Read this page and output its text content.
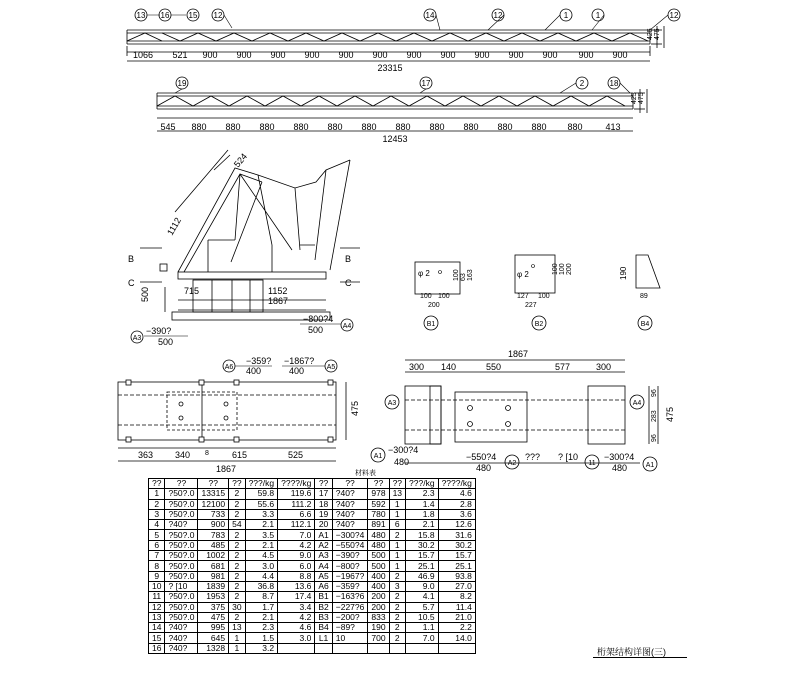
13 16 15 12	14	12	1	1	12
1066 521 900 900 900 900 900 900 900 900 900 900 900 900 900
23315
425 475
19	17	2	18
545 880 880 880 880 880 880 880 880 880 880 880 880	413
12453
425 475
524
1112
B	B
C	C
715	1152
1867
500
A3
−390?
500
A4
−800?4
500
φ 2	100 63 163
100 100
200
B1
φ 2	100 100 200
127 100
227
B2
190
89
B4
A6
−359?
400	A5
−1867?
400
363 340 8	615	525
1867
475
1867
300 140	550	577	300
A3	A4
A1
−300?4
480	A2
−550?4
480
??? ? [10
11
−300?4
480	A1
96
283
96
475
材料表
??	??	??	??	???/kg	????/kg	??	??	??	??	???/kg	????/kg
1	?50?.0	13315	2	59.8	119.6	17	?40?	978	13	2.3	4.6
2	?50?.0	12100	2	55.6	111.2	18	?40?	592	1	1.4	2.8
3	?50?.0	733	2	3.3	6.6	19	?40?	780	1	1.8	3.6
4	?40?	900	54	2.1	112.1	20	?40?	891	6	2.1	12.6
5	?50?.0	783	2	3.5	7.0	A1	−300?4	480	2	15.8	31.6
6	?50?.0	485	2	2.1	4.2	A2	−550?4	480	1	30.2	30.2
7	?50?.0	1002	2	4.5	9.0	A3	−390?	500	1	15.7	15.7
8	?50?.0	681	2	3.0	6.0	A4	−800?	500	1	25.1	25.1
9	?50?.0	981	2	4.4	8.8	A5	−1967?	400	2	46.9	93.8
10	? [10	1839	2	36.8	13.6	A6	−359?	400	3	9.0	27.0
11	?50?.0	1953	2	8.7	17.4	B1	−163?6	200	2	4.1	8.2
12	?50?.0	375	30	1.7	3.4	B2	−227?6	200	2	5.7	11.4
13	?50?.0	475	2	2.1	4.2	B3	−200?	833	2	10.5	21.0
14	?40?	995	13	2.3	4.6	B4	−89?	190	2	1.1	2.2
15	?40?	645	1	1.5	3.0	L1	10	700	2	7.0	14.0
16	?40?	1328	1	3.2								桁架结构详图(三)
